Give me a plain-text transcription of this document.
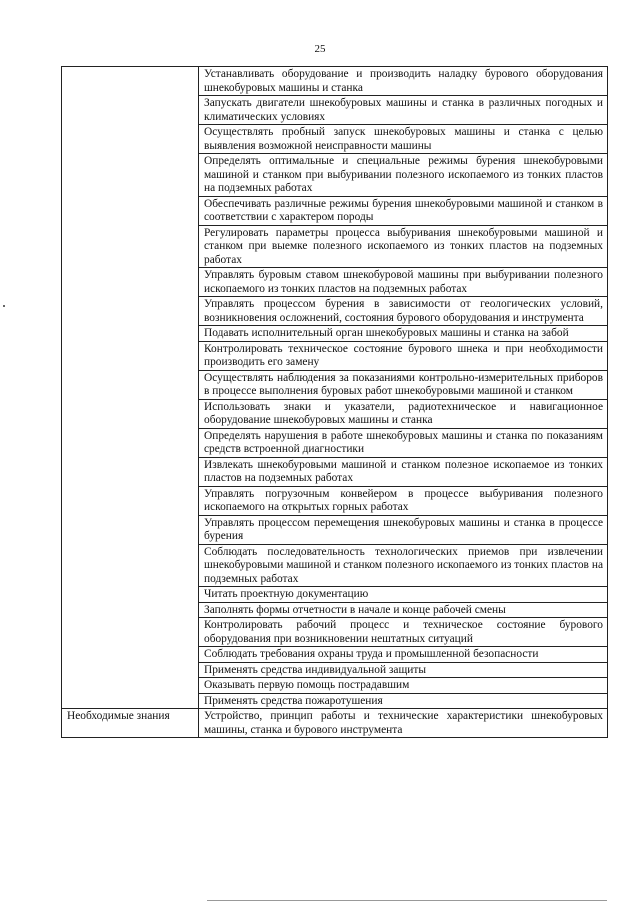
25
	Устанавливать оборудование и производить наладку бурового оборудования шнекобуровых машины и станка
	Запускать двигатели шнекобуровых машины и станка в различных погодных и климатических условиях
	Осуществлять пробный запуск шнекобуровых машины и станка с целью выявления возможной неисправности машины
	Определять оптимальные и специальные режимы бурения шнекобуровыми машиной и станком при выбуривании полезного ископаемого из тонких пластов на подземных работах
	Обеспечивать различные режимы бурения шнекобуровыми машиной и станком в соответствии с характером породы
	Регулировать параметры процесса выбуривания шнекобуровыми машиной и станком при выемке полезного ископаемого из тонких пластов на подземных работах
	Управлять буровым ставом шнекобуровой машины при выбуривании полезного ископаемого из тонких пластов на подземных работах
	Управлять процессом бурения в зависимости от геологических условий, возникновения осложнений, состояния бурового оборудования и инструмента
	Подавать исполнительный орган шнекобуровых машины и станка на забой
	Контролировать техническое состояние бурового шнека и при необходимости производить его замену
	Осуществлять наблюдения за показаниями контрольно-измерительных приборов в процессе выполнения буровых работ шнекобуровыми машиной и станком
	Использовать знаки и указатели, радиотехническое и навигационное оборудование шнекобуровых машины и станка
	Определять нарушения в работе шнекобуровых машины и станка по показаниям средств встроенной диагностики
	Извлекать шнекобуровыми машиной и станком полезное ископаемое из тонких пластов на подземных работах
	Управлять погрузочным конвейером в процессе выбуривания полезного ископаемого на открытых горных работах
	Управлять процессом перемещения шнекобуровых машины и станка в процессе бурения
	Соблюдать последовательность технологических приемов при извлечении шнекобуровыми машиной и станком полезного ископаемого из тонких пластов на подземных работах
	Читать проектную документацию
	Заполнять формы отчетности в начале и конце рабочей смены
	Контролировать рабочий процесс и техническое состояние бурового оборудования при возникновении нештатных ситуаций
	Соблюдать требования охраны труда и промышленной безопасности
	Применять средства индивидуальной защиты
	Оказывать первую помощь пострадавшим
	Применять средства пожаротушения

Необходимые знания	Устройство, принцип работы и технические характеристики шнекобуровых машины, станка и бурового инструмента
